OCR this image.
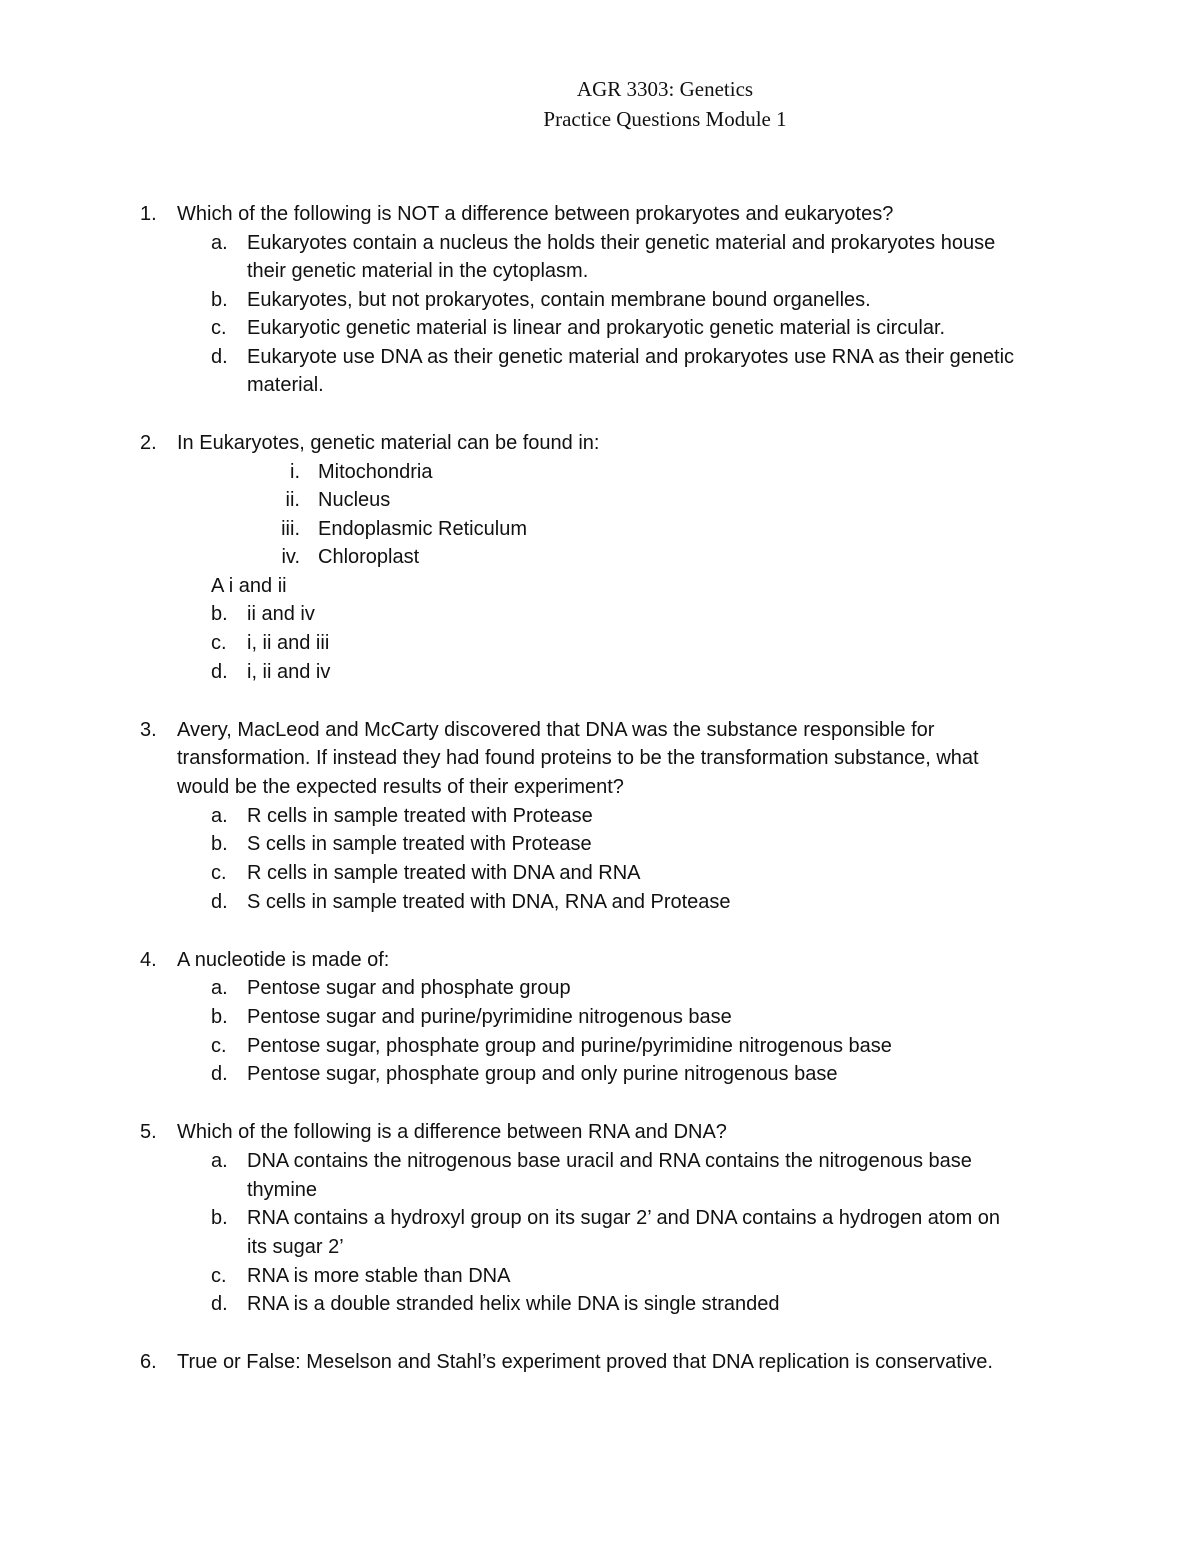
AGR 3303: Genetics
Practice Questions Module 1
1. Which of the following is NOT a difference between prokaryotes and eukaryotes?
a. Eukaryotes contain a nucleus the holds their genetic material and prokaryotes house
their genetic material in the cytoplasm.
b. Eukaryotes, but not prokaryotes, contain membrane bound organelles.
c. Eukaryotic genetic material is linear and prokaryotic genetic material is circular.
d. Eukaryote use DNA as their genetic material and prokaryotes use RNA as their genetic
material.
2. In Eukaryotes, genetic material can be found in:
i. Mitochondria
ii. Nucleus
iii. Endoplasmic Reticulum
iv. Chloroplast
A i and ii
b. ii and iv
c. i, ii and iii
d. i, ii and iv
3. Avery, MacLeod and McCarty discovered that DNA was the substance responsible for
transformation. If instead they had found proteins to be the transformation substance, what
would be the expected results of their experiment?
a. R cells in sample treated with Protease
b. S cells in sample treated with Protease
c. R cells in sample treated with DNA and RNA
d. S cells in sample treated with DNA, RNA and Protease
4. A nucleotide is made of:
a. Pentose sugar and phosphate group
b. Pentose sugar and purine/pyrimidine nitrogenous base
c. Pentose sugar, phosphate group and purine/pyrimidine nitrogenous base
d. Pentose sugar, phosphate group and only purine nitrogenous base
5. Which of the following is a difference between RNA and DNA?
a. DNA contains the nitrogenous base uracil and RNA contains the nitrogenous base
thymine
b. RNA contains a hydroxyl group on its sugar 2’ and DNA contains a hydrogen atom on
its sugar 2’
c. RNA is more stable than DNA
d. RNA is a double stranded helix while DNA is single stranded
6. True or False: Meselson and Stahl’s experiment proved that DNA replication is conservative.
